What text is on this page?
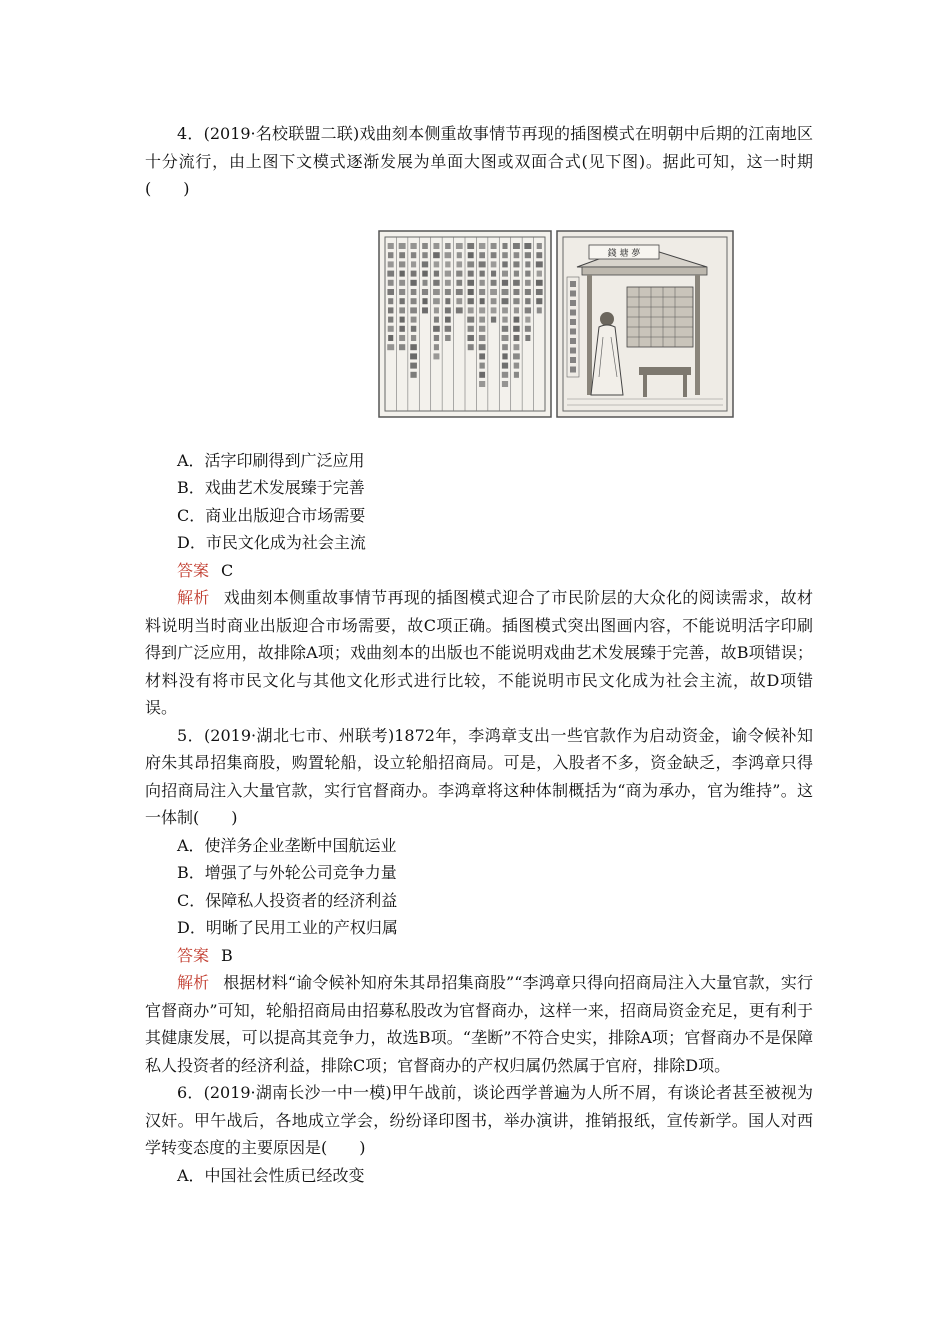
4．(2019·名校联盟二联)戏曲刻本侧重故事情节再现的插图模式在明朝中后期的江南地区十分流行，由上图下文模式逐渐发展为单面大图或双面合式(见下图)。据此可知，这一时期(　　)

錢 塘 夢

A．活字印刷得到广泛应用

B．戏曲艺术发展臻于完善

C．商业出版迎合市场需要

D．市民文化成为社会主流

答案 C

解析 戏曲刻本侧重故事情节再现的插图模式迎合了市民阶层的大众化的阅读需求，故材料说明当时商业出版迎合市场需要，故C项正确。插图模式突出图画内容，不能说明活字印刷得到广泛应用，故排除A项；戏曲刻本的出版也不能说明戏曲艺术发展臻于完善，故B项错误；材料没有将市民文化与其他文化形式进行比较，不能说明市民文化成为社会主流，故D项错误。

5．(2019·湖北七市、州联考)1872年，李鸿章支出一些官款作为启动资金，谕令候补知府朱其昂招集商股，购置轮船，设立轮船招商局。可是，入股者不多，资金缺乏，李鸿章只得向招商局注入大量官款，实行官督商办。李鸿章将这种体制概括为“商为承办，官为维持”。这一体制(　　)

A．使洋务企业垄断中国航运业

B．增强了与外轮公司竞争力量

C．保障私人投资者的经济利益

D．明晰了民用工业的产权归属

答案 B

解析 根据材料“谕令候补知府朱其昂招集商股”“李鸿章只得向招商局注入大量官款，实行官督商办”可知，轮船招商局由招募私股改为官督商办，这样一来，招商局资金充足，更有利于其健康发展，可以提高其竞争力，故选B项。“垄断”不符合史实，排除A项；官督商办不是保障私人投资者的经济利益，排除C项；官督商办的产权归属仍然属于官府，排除D项。

6．(2019·湖南长沙一中一模)甲午战前，谈论西学普遍为人所不屑，有谈论者甚至被视为汉奸。甲午战后，各地成立学会，纷纷译印图书，举办演讲，推销报纸，宣传新学。国人对西学转变态度的主要原因是(　　)

A．中国社会性质已经改变
